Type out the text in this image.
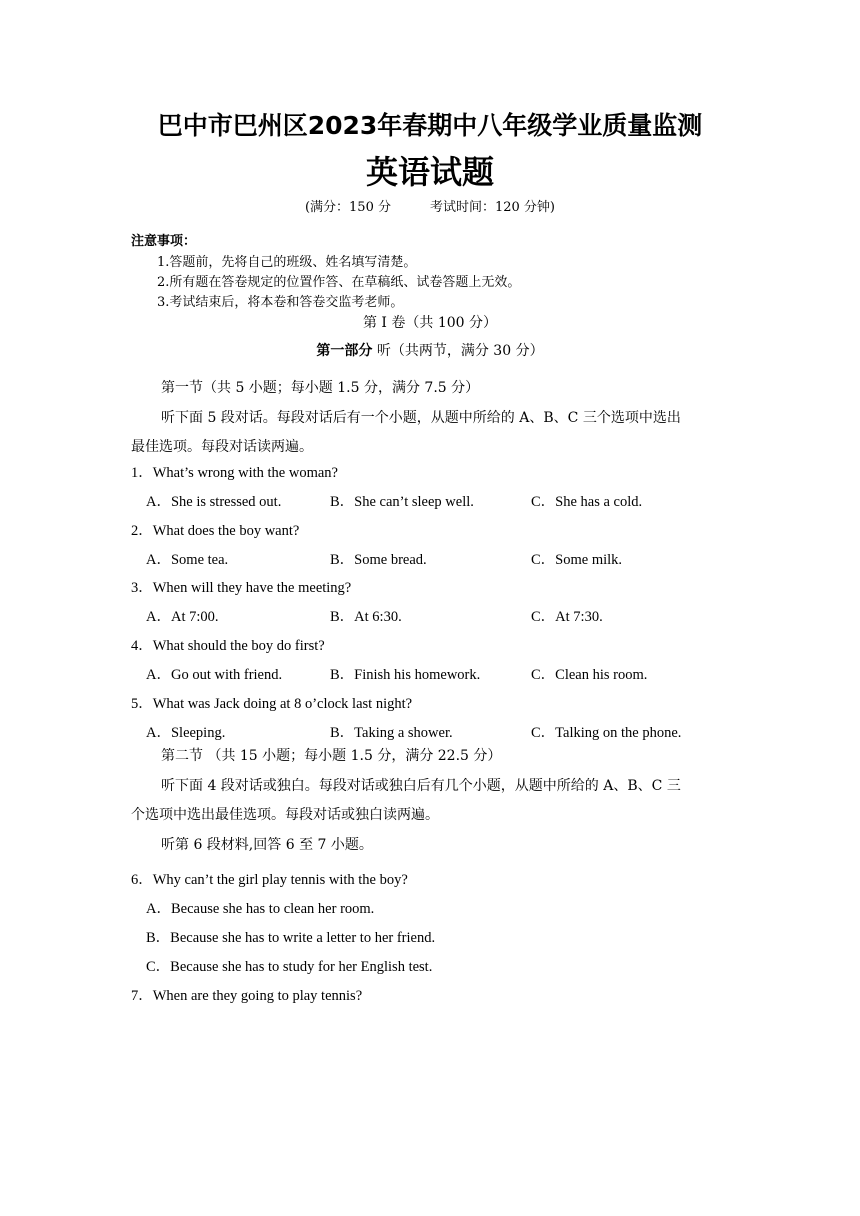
巴中市巴州区2023年春期中八年级学业质量监测
英语试题
(满分：150 分　　　考试时间：120 分钟)
注意事项：
1.答题前，先将自己的班级、姓名填写清楚。
2.所有题在答卷规定的位置作答、在草稿纸、试卷答题上无效。
3.考试结束后，将本卷和答卷交监考老师。
第 I 卷（共 100 分）
第一部分 听（共两节，满分 30 分）
第一节（共 5 小题；每小题 1.5 分，满分 7.5 分）
听下面 5 段对话。每段对话后有一个小题，从题中所给的 A、B、C 三个选项中选出
最佳选项。每段对话读两遍。
1．What’s wrong with the woman?
A．She is stressed out.	B．She can’t sleep well.	C．She has a cold.
2．What does the boy want?
A．Some tea.	B．Some bread.	C．Some milk.
3．When will they have the meeting?
A．At 7:00.	B．At 6:30.	C．At 7:30.
4．What should the boy do first?
A．Go out with friend.	B．Finish his homework.	C．Clean his room.
5．What was Jack doing at 8 o’clock last night?
A．Sleeping.	B．Taking a shower.	C．Talking on the phone.
第二节 （共 15 小题；每小题 1.5 分，满分 22.5 分）
听下面 4 段对话或独白。每段对话或独白后有几个小题，从题中所给的 A、B、C 三
个选项中选出最佳选项。每段对话或独白读两遍。
听第 6 段材料,回答 6 至 7 小题。
6．Why can’t the girl play tennis with the boy?
A．Because she has to clean her room.
B．Because she has to write a letter to her friend.
C．Because she has to study for her English test.
7．When are they going to play tennis?
